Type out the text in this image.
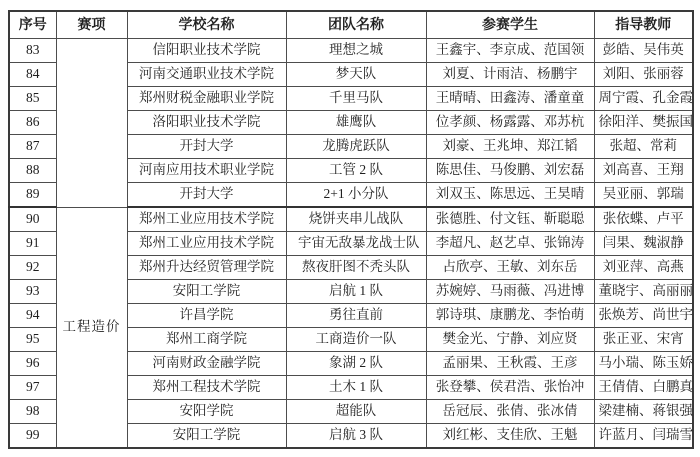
序号	赛项	学校名称	团队名称	参赛学生	指导教师
83		信阳职业技术学院	理想之城	王鑫宇、李京成、范国领	彭皓、吴伟英
84		河南交通职业技术学院	梦天队	刘夏、计雨洁、杨鹏宇	刘阳、张丽蓉
85		郑州财税金融职业学院	千里马队	王晴晴、田鑫涛、潘童童	周宁霞、孔金霞
86		洛阳职业技术学院	雄鹰队	位孝颜、杨露露、邓苏杭	徐阳洋、樊振国
87		开封大学	龙腾虎跃队	刘豪、王兆坤、郑江韬	张超、常莉
88		河南应用技术职业学院	工管 2 队	陈思佳、马俊鹏、刘宏磊	刘高喜、王翔
89		开封大学	2+1 小分队	刘双玉、陈思远、王昊晴	吴亚丽、郭瑞
90	工程造价	郑州工业应用技术学院	烧饼夹串儿战队	张德胜、付文钰、靳聪聪	张依蝶、卢平
91		郑州工业应用技术学院	宇宙无敌暴龙战士队	李超凡、赵艺卓、张锦涛	闫果、魏淑静
92		郑州升达经贸管理学院	熬夜肝图不秃头队	占欣亭、王敏、刘东岳	刘亚萍、高燕
93		安阳工学院	启航 1 队	苏婉婷、马雨薇、冯进博	董晓宇、高丽丽
94		许昌学院	勇往直前	郭诗琪、康鹏龙、李怡萌	张焕芳、尚世宇
95		郑州工商学院	工商造价一队	樊金光、宁静、刘应贤	张正亚、宋宵
96		河南财政金融学院	象湖 2 队	孟丽果、王秋霞、王彦	马小瑞、陈玉娇
97		郑州工程技术学院	土木 1 队	张登攀、侯君浩、张怡冲	王倩倩、白鹏真
98		安阳学院	超能队	岳冠辰、张倩、张冰倩	梁建楠、蒋银强
99		安阳工学院	启航 3 队	刘红彬、支佳欣、王魁	许蓝月、闫瑞雪
